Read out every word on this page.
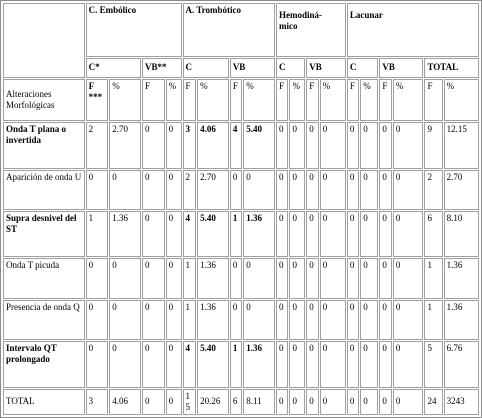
	C. Embólico				A. Trombótico				Hemodiná-
mico				Lacunar					
	C*		VB**		C		VB		C		VB		C		VB		TOTAL	
Alteraciones Morfológicas	F ***	%	F	%	F	%	F	%	F	%	F	%	F	%	F	%	F	%
Onda T plana o invertida	2	2.70	0	0	3	4.06	4	5.40	0	0	0	0	0	0	0	0	9	12.15
Aparición de onda U	0	0	0	0	2	2.70	0	0	0	0	0	0	0	0	0	0	2	2.70
Supra desnivel del ST	1	1.36	0	0	4	5.40	1	1.36	0	0	0	0	0	0	0	0	6	8.10
Onda T picuda	0	0	0	0	1	1.36	0	0	0	0	0	0	0	0	0	0	1	1.36
Presencia de onda Q	0	0	0	0	1	1.36	0	0	0	0	0	0	0	0	0	0	1	1.36
Intervalo QT prolongado	0	0	0	0	4	5.40	1	1.36	0	0	0	0	0	0	0	0	5	6.76
TOTAL	3	4.06	0	0	15	20.26	6	8.11	0	0	0	0	0	0	0	0	24	3243
